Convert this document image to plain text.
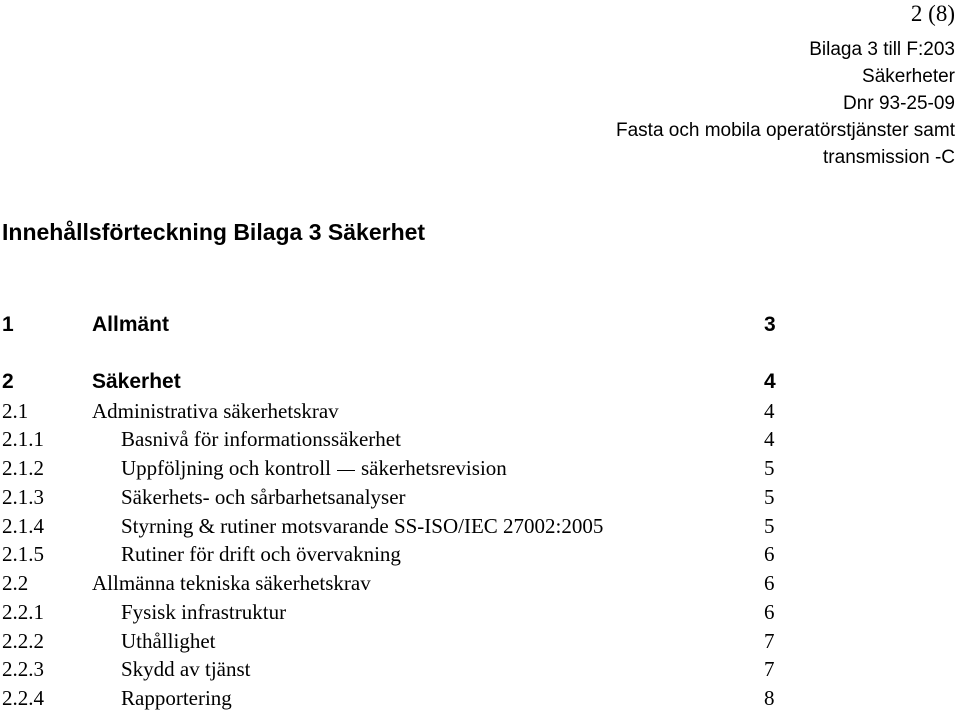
2 (8)
Bilaga 3 till F:203
Säkerheter
Dnr 93-25-09
Fasta och mobila operatörstjänster samt
transmission -C
Innehållsförteckning Bilaga 3 Säkerhet
1	Allmänt	3
2	Säkerhet	4
2.1	Administrativa säkerhetskrav	4
2.1.1	Basnivå för informationssäkerhet	4
2.1.2	Uppföljning och kontroll säkerhetsrevision	5
2.1.3	Säkerhets- och sårbarhetsanalyser	5
2.1.4	Styrning & rutiner motsvarande SS-ISO/IEC 27002:2005	5
2.1.5	Rutiner för drift och övervakning	6
2.2	Allmänna tekniska säkerhetskrav	6
2.2.1	Fysisk infrastruktur	6
2.2.2	Uthållighet	7
2.2.3	Skydd av tjänst	7
2.2.4	Rapportering	8
